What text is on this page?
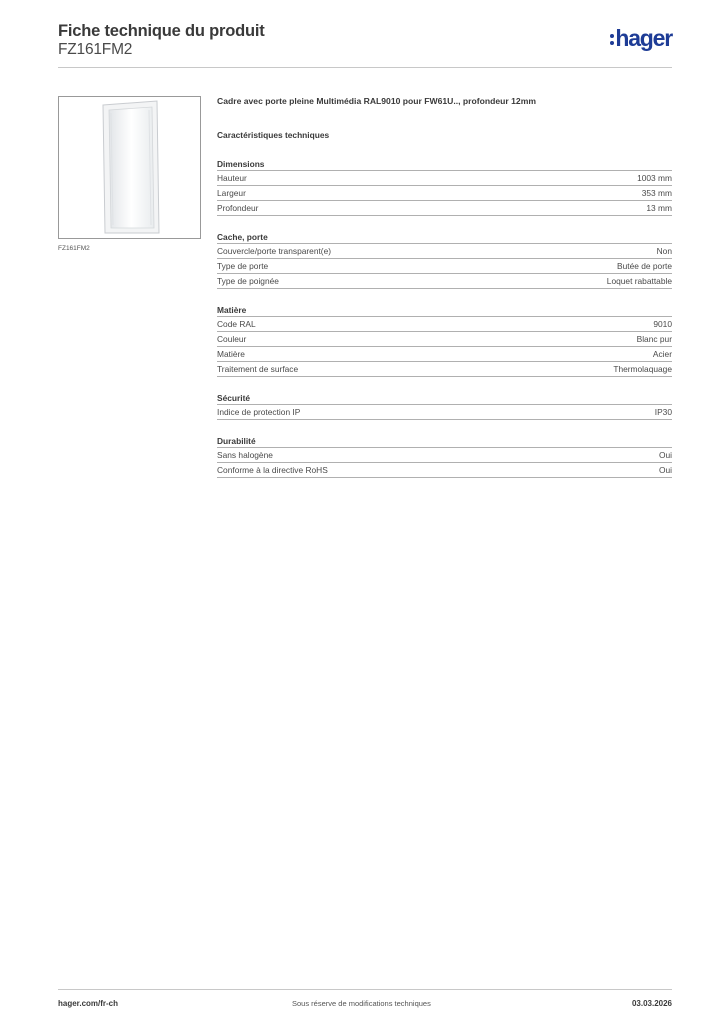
Fiche technique du produit
FZ161FM2	hager
FZ161FM2
Cadre avec porte pleine Multimédia RAL9010 pour FW61U.., profondeur 12mm
Caractéristiques techniques
Dimensions
Hauteur	1003 mm
Largeur	353 mm
Profondeur	13 mm
Cache, porte
Couvercle/porte transparent(e)	Non
Type de porte	Butée de porte
Type de poignée	Loquet rabattable
Matière
Code RAL	9010
Couleur	Blanc pur
Matière	Acier
Traitement de surface	Thermolaquage
Sécurité
Indice de protection IP	IP30
Durabilité
Sans halogène	Oui
Conforme à la directive RoHS	Oui
hager.com/fr-ch	Sous réserve de modifications techniques	03.03.2026
